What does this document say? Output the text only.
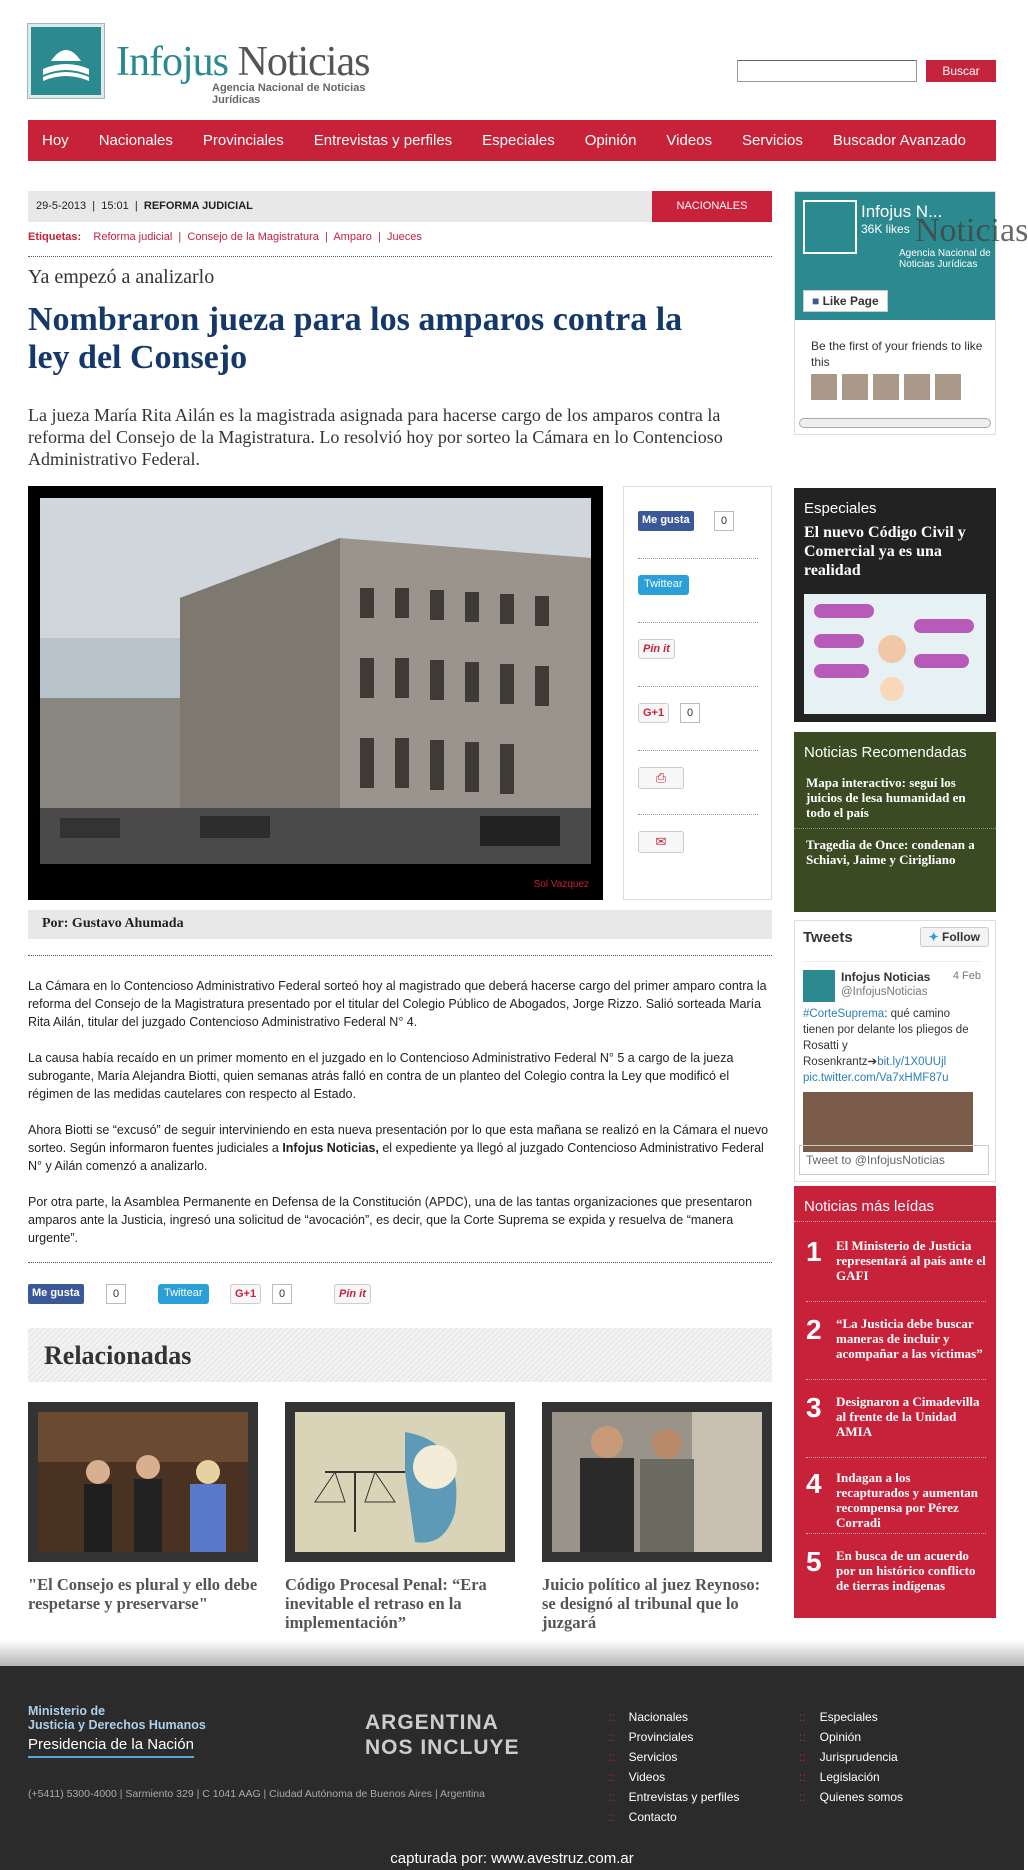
Infojus Noticias
Agencia Nacional de Noticias Jurídicas
Buscar
Hoy Nacionales Provinciales Entrevistas y perfiles Especiales Opinión Videos Servicios Buscador Avanzado
29-5-2013  |  15:01  |  REFORMA JUDICIAL	NACIONALES
Etiquetas: Reforma judicial  |  Consejo de la Magistratura  |  Amparo  |  Jueces
Ya empezó a analizarlo
Nombraron jueza para los amparos contra la ley del Consejo
La jueza María Rita Ailán es la magistrada asignada para hacerse cargo de los amparos contra la reforma del Consejo de la Magistratura. Lo resolvió hoy por sorteo la Cámara en lo Contencioso Administrativo Federal.
Sol Vazquez
Me gusta	0
Twittear
Pin it
G+1	0
⎙
✉
Por: Gustavo Ahumada

La Cámara en lo Contencioso Administrativo Federal sorteó hoy al magistrado que deberá hacerse cargo del primer amparo contra la reforma del Consejo de la Magistratura presentado por el titular del Colegio Público de Abogados, Jorge Rizzo. Salió sorteada María Rita Ailán, titular del juzgado Contencioso Administrativo Federal N° 4.

La causa había recaído en un primer momento en el juzgado en lo Contencioso Administrativo Federal N° 5 a cargo de la jueza subrogante, María Alejandra Biotti, quien semanas atrás falló en contra de un planteo del Colegio contra la Ley que modificó el régimen de las medidas cautelares con respecto al Estado.

Ahora Biotti se “excusó” de seguir interviniendo en esta nueva presentación por lo que esta mañana se realizó en la Cámara el nuevo sorteo. Según informaron fuentes judiciales a Infojus Noticias, el expediente ya llegó al juzgado Contencioso Administrativo Federal N° y Ailán comenzó a analizarlo.

Por otra parte, la Asamblea Permanente en Defensa de la Constitución (APDC), una de las tantas organizaciones que presentaron amparos ante la Justicia, ingresó una solicitud de “avocación”, es decir, que la Corte Suprema se expida y resuelva de “manera urgente”.

Me gusta	0	Twittear	G+1	0	Pin it
Relacionadas
"El Consejo es plural y ello debe respetarse y preservarse"
Código Procesal Penal: “Era inevitable el retraso en la implementación”
Juicio político al juez Reynoso: se designó al tribunal que lo juzgará
Noticias
Agencia Nacional de Noticias Jurídicas
Infojus N...
36K likes
■ Like Page
Be the first of your friends to like this
Especiales
El nuevo Código Civil y Comercial ya es una realidad
Noticias Recomendadas
Mapa interactivo: seguí los juicios de lesa humanidad en todo el país
Tragedia de Once: condenan a Schiavi, Jaime y Cirigliano
Tweets	✦ Follow
Infojus Noticias 4 Feb
@InfojusNoticias
#CorteSuprema: qué camino tienen por delante los pliegos de Rosatti y Rosenkrantz➔bit.ly/1X0UUjl
pic.twitter.com/Va7xHMF87u
Tweet to @InfojusNoticias
Noticias más leídas
1 El Ministerio de Justicia representará al país ante el GAFI
2 “La Justicia debe buscar maneras de incluir y acompañar a las víctimas”
3 Designaron a Cimadevilla al frente de la Unidad AMIA
4 Indagan a los recapturados y aumentan recompensa por Pérez Corradi
5 En busca de un acuerdo por un histórico conflicto de tierras indígenas
Ministerio de
Justicia y Derechos Humanos
Presidencia de la Nación
ARGENTINA
NOS INCLUYE
(+5411) 5300-4000 | Sarmiento 329 | C 1041 AAG | Ciudad Autónoma de Buenos Aires | Argentina
:: Nacionales
:: Provinciales
:: Servicios
:: Videos
:: Entrevistas y perfiles
:: Contacto
:: Especiales
:: Opinión
:: Jurisprudencia
:: Legislación
:: Quienes somos
capturada por: www.avestruz.com.ar
